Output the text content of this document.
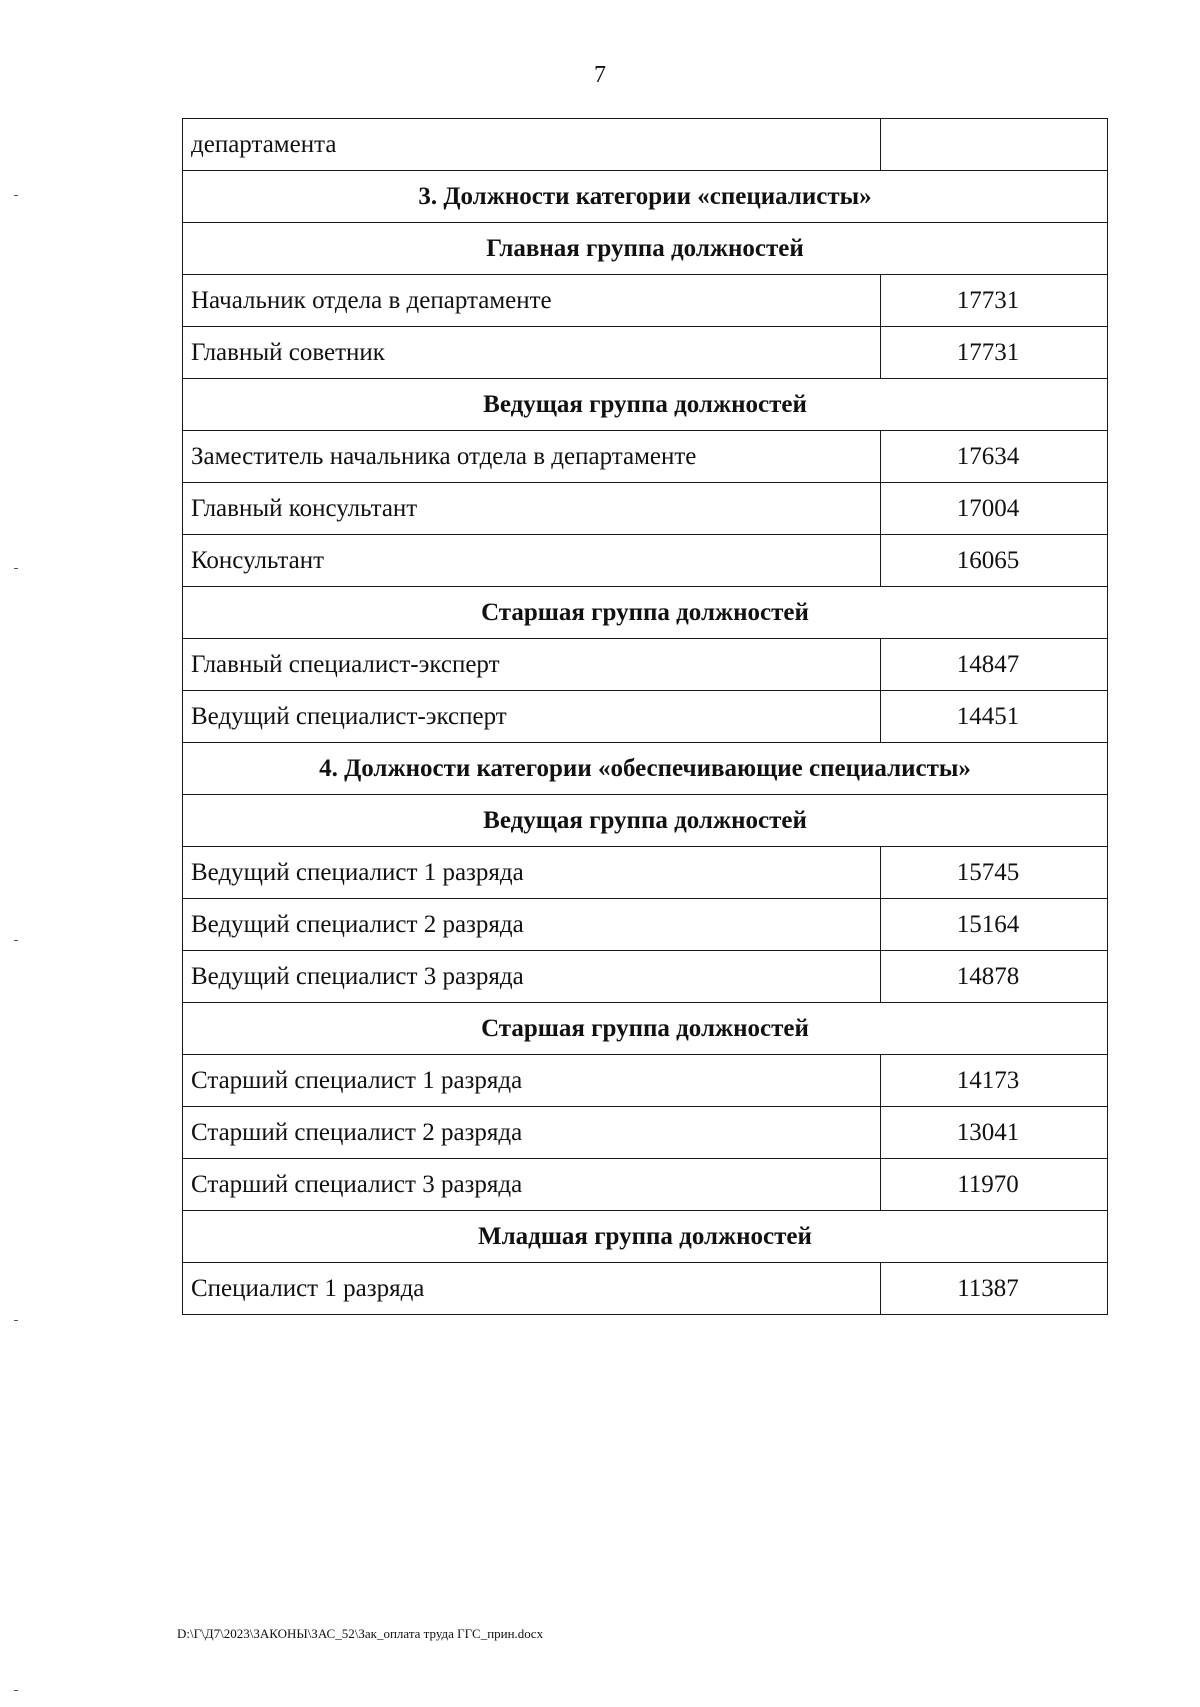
7
департамента	
3. Должности категории «специалисты»	
Главная группа должностей	
Начальник отдела в департаменте	17731
Главный советник	17731
Ведущая группа должностей	
Заместитель начальника отдела в департаменте	17634
Главный консультант	17004
Консультант	16065
Старшая группа должностей	
Главный специалист-эксперт	14847
Ведущий специалист-эксперт	14451
4. Должности категории «обеспечивающие специалисты»	
Ведущая группа должностей	
Ведущий специалист 1 разряда	15745
Ведущий специалист 2 разряда	15164
Ведущий специалист 3 разряда	14878
Старшая группа должностей	
Старший специалист 1 разряда	14173
Старший специалист 2 разряда	13041
Старший специалист 3 разряда	11970
Младшая группа должностей	
Специалист 1 разряда	11387
D:\Г\Д7\2023\ЗАКОНЫ\ЗАС_52\Зак_оплата труда ГГС_прин.docx
